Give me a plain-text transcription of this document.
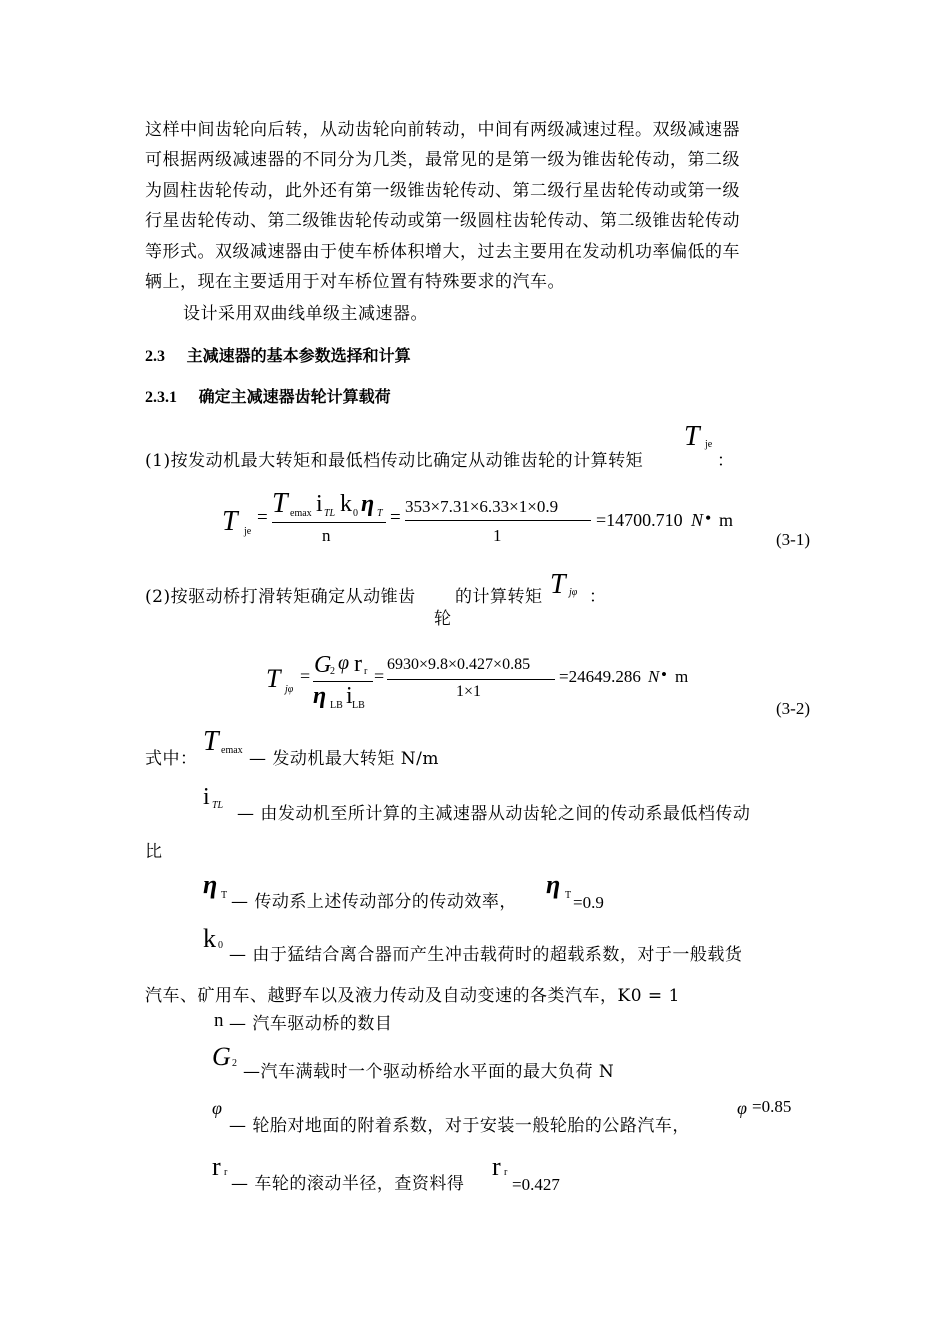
这样中间齿轮向后转，从动齿轮向前转动，中间有两级减速过程。双级减速器
可根据两级减速器的不同分为几类，最常见的是第一级为锥齿轮传动，第二级
为圆柱齿轮传动，此外还有第一级锥齿轮传动、第二级行星齿轮传动或第一级
行星齿轮传动、第二级锥齿轮传动或第一级圆柱齿轮传动、第二级锥齿轮传动
等形式。双级减速器由于使车桥体积增大，过去主要用在发动机功率偏低的车
辆上，现在主要适用于对车桥位置有特殊要求的汽车。
设计采用双曲线单级主减速器。
2.3 主减速器的基本参数选择和计算
2.3.1 确定主减速器齿轮计算载荷
(1)按发动机最大转矩和最低档传动比确定从动锥齿轮的计算转矩
T je
：
T je
= T emax i TL k 0 η T
n
=
353×7.31×6.33×1×0.9
1
=14700.710 N • m
(3-1)
(2)按驱动桥打滑转矩确定从动锥齿
轮
的计算转矩 T jφ ：
T jφ
= G
2 φ r r
η LB i LB
=
6930×9.8×0.427×0.85
1×1
=24649.286 N • m
(3-2)
式中：
T emax — 发动机最大转矩 N/m
i TL — 由发动机至所计算的主减速器从动齿轮之间的传动系最低档传动
比
η T — 传动系上述传动部分的传动效率，
η T =0.9
k 0 — 由于猛结合离合器而产生冲击载荷时的超载系数，对于一般载货
汽车、矿用车、越野车以及液力传动及自动变速的各类汽车，K0 = 1
n — 汽车驱动桥的数目
G 2 —汽车满载时一个驱动桥给水平面的最大负荷 N
φ
— 轮胎对地面的附着系数，对于安装一般轮胎的公路汽车，
φ =0.85
r r
— 车轮的滚动半径，查资料得
r r
=0.427
